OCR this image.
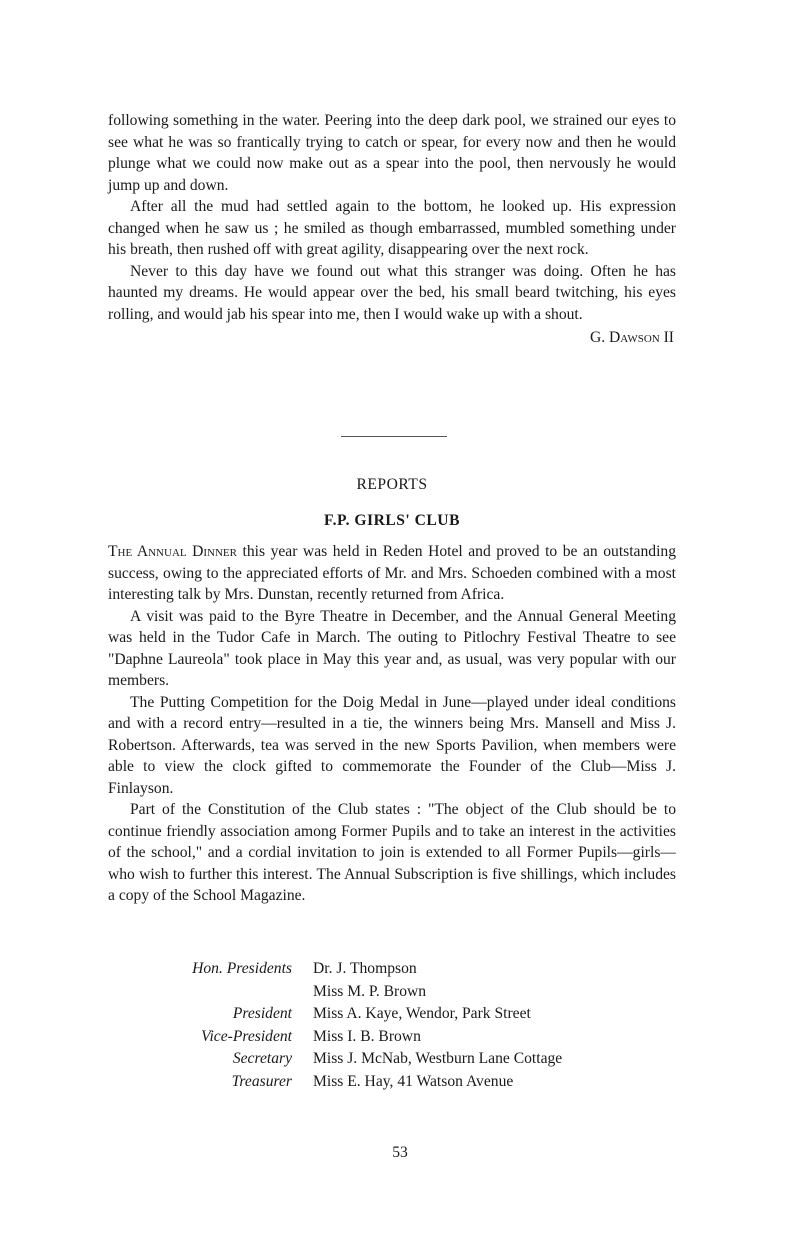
following something in the water. Peering into the deep dark pool, we strained our eyes to see what he was so frantically trying to catch or spear, for every now and then he would plunge what we could now make out as a spear into the pool, then nervously he would jump up and down.

After all the mud had settled again to the bottom, he looked up. His expression changed when he saw us ; he smiled as though embarrassed, mumbled something under his breath, then rushed off with great agility, disappearing over the next rock.

Never to this day have we found out what this stranger was doing. Often he has haunted my dreams. He would appear over the bed, his small beard twitching, his eyes rolling, and would jab his spear into me, then I would wake up with a shout.

G. Dawson II
REPORTS
F.P. GIRLS' CLUB

The Annual Dinner this year was held in Reden Hotel and proved to be an outstanding success, owing to the appreciated efforts of Mr. and Mrs. Schoeden combined with a most interesting talk by Mrs. Dunstan, recently returned from Africa.

A visit was paid to the Byre Theatre in December, and the Annual General Meeting was held in the Tudor Cafe in March. The outing to Pitlochry Festival Theatre to see "Daphne Laureola" took place in May this year and, as usual, was very popular with our members.

The Putting Competition for the Doig Medal in June—played under ideal conditions and with a record entry—resulted in a tie, the winners being Mrs. Mansell and Miss J. Robertson. Afterwards, tea was served in the new Sports Pavilion, when members were able to view the clock gifted to commemorate the Founder of the Club—Miss J. Finlayson.

Part of the Constitution of the Club states : "The object of the Club should be to continue friendly association among Former Pupils and to take an interest in the activities of the school," and a cordial invitation to join is extended to all Former Pupils—girls—who wish to further this interest. The Annual Subscription is five shillings, which includes a copy of the School Magazine.

Hon. Presidents	Dr. J. Thompson
Miss M. P. Brown
President	Miss A. Kaye, Wendor, Park Street
Vice-President	Miss I. B. Brown
Secretary	Miss J. McNab, Westburn Lane Cottage
Treasurer	Miss E. Hay, 41 Watson Avenue
53
